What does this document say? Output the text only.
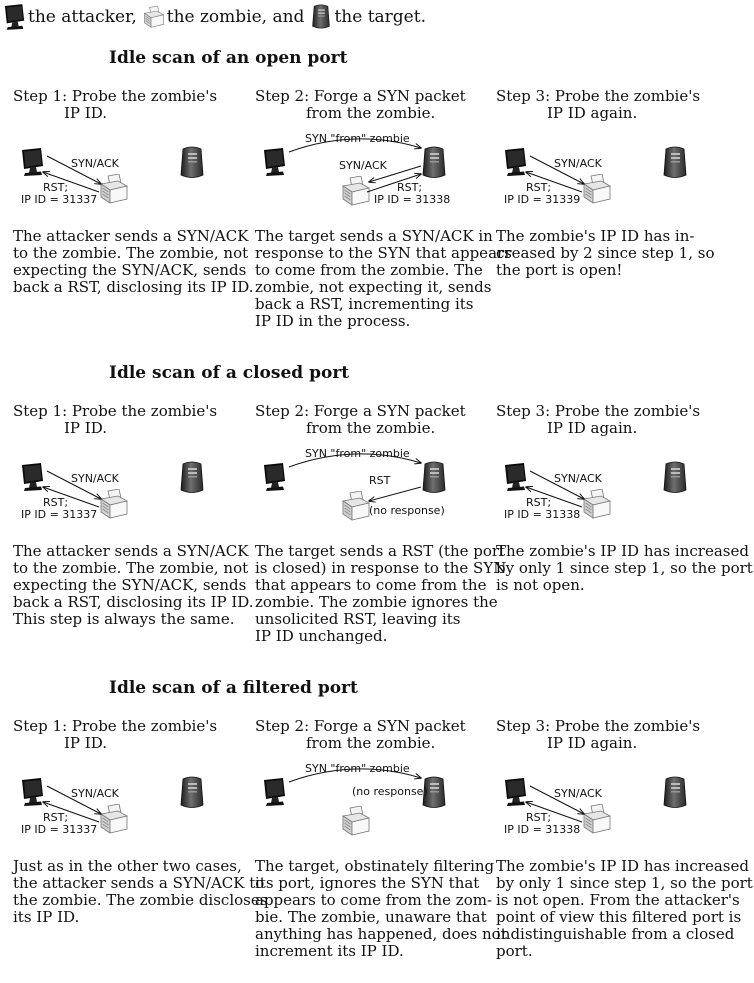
the attacker, the zombie, and the target.
Idle scan of an open port
Step 1: Probe the zombie's
IP ID.
SYN/ACK
RST;
IP ID = 31337
The attacker sends a SYN/ACK
to the zombie. The zombie, not
expecting the SYN/ACK, sends
back a RST, disclosing its IP ID.
Step 2: Forge a SYN packet
from the zombie.
SYN "from" zombie
SYN/ACK
RST;
IP ID = 31338
The target sends a SYN/ACK in
response to the SYN that appears
to come from the zombie. The
zombie, not expecting it, sends
back a RST, incrementing its
IP ID in the process.
Step 3: Probe the zombie's
IP ID again.
SYN/ACK
RST;
IP ID = 31339
The zombie's IP ID has in-
creased by 2 since step 1, so
the port is open!
Idle scan of a closed port
Step 1: Probe the zombie's
IP ID.
SYN/ACK
RST;
IP ID = 31337
The attacker sends a SYN/ACK
to the zombie. The zombie, not
expecting the SYN/ACK, sends
back a RST, disclosing its IP ID.
This step is always the same.
Step 2: Forge a SYN packet
from the zombie.
SYN "from" zombie
RST
(no response)
The target sends a RST (the port
is closed) in response to the SYN
that appears to come from the
zombie. The zombie ignores the
unsolicited RST, leaving its
IP ID unchanged.
Step 3: Probe the zombie's
IP ID again.
SYN/ACK
RST;
IP ID = 31338
The zombie's IP ID has increased
by only 1 since step 1, so the port
is not open.
Idle scan of a filtered port
Step 1: Probe the zombie's
IP ID.
SYN/ACK
RST;
IP ID = 31337
Just as in the other two cases,
the attacker sends a SYN/ACK to
the zombie. The zombie discloses
its IP ID.
Step 2: Forge a SYN packet
from the zombie.
SYN "from" zombie
(no response)
The target, obstinately filtering
its port, ignores the SYN that
appears to come from the zom-
bie. The zombie, unaware that
anything has happened, does not
increment its IP ID.
Step 3: Probe the zombie's
IP ID again.
SYN/ACK
RST;
IP ID = 31338
The zombie's IP ID has increased
by only 1 since step 1, so the port
is not open. From the attacker's
point of view this filtered port is
indistinguishable from a closed
port.
